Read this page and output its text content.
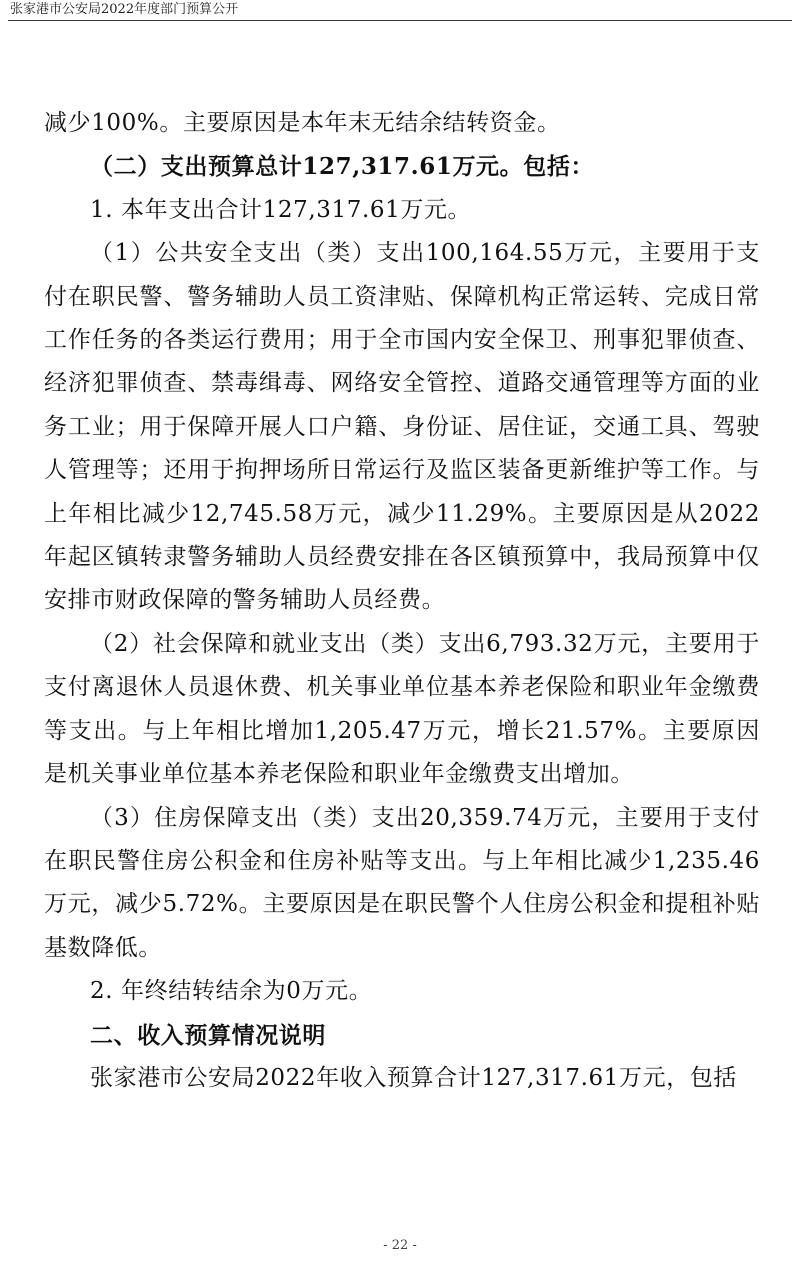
张家港市公安局2022年度部门预算公开

减少100%。主要原因是本年末无结余结转资金。

（二）支出预算总计127,317.61万元。包括：

1. 本年支出合计127,317.61万元。

（1）公共安全支出（类）支出100,164.55万元，主要用于支付在职民警、警务辅助人员工资津贴、保障机构正常运转、完成日常工作任务的各类运行费用；用于全市国内安全保卫、刑事犯罪侦查、经济犯罪侦查、禁毒缉毒、网络安全管控、道路交通管理等方面的业务工业；用于保障开展人口户籍、身份证、居住证，交通工具、驾驶人管理等；还用于拘押场所日常运行及监区装备更新维护等工作。与上年相比减少12,745.58万元，减少11.29%。主要原因是从2022年起区镇转隶警务辅助人员经费安排在各区镇预算中，我局预算中仅安排市财政保障的警务辅助人员经费。

（2）社会保障和就业支出（类）支出6,793.32万元，主要用于支付离退休人员退休费、机关事业单位基本养老保险和职业年金缴费等支出。与上年相比增加1,205.47万元，增长21.57%。主要原因是机关事业单位基本养老保险和职业年金缴费支出增加。

（3）住房保障支出（类）支出20,359.74万元，主要用于支付在职民警住房公积金和住房补贴等支出。与上年相比减少1,235.46万元，减少5.72%。主要原因是在职民警个人住房公积金和提租补贴基数降低。

2. 年终结转结余为0万元。

二、收入预算情况说明

张家港市公安局2022年收入预算合计127,317.61万元，包括

- 22 -
